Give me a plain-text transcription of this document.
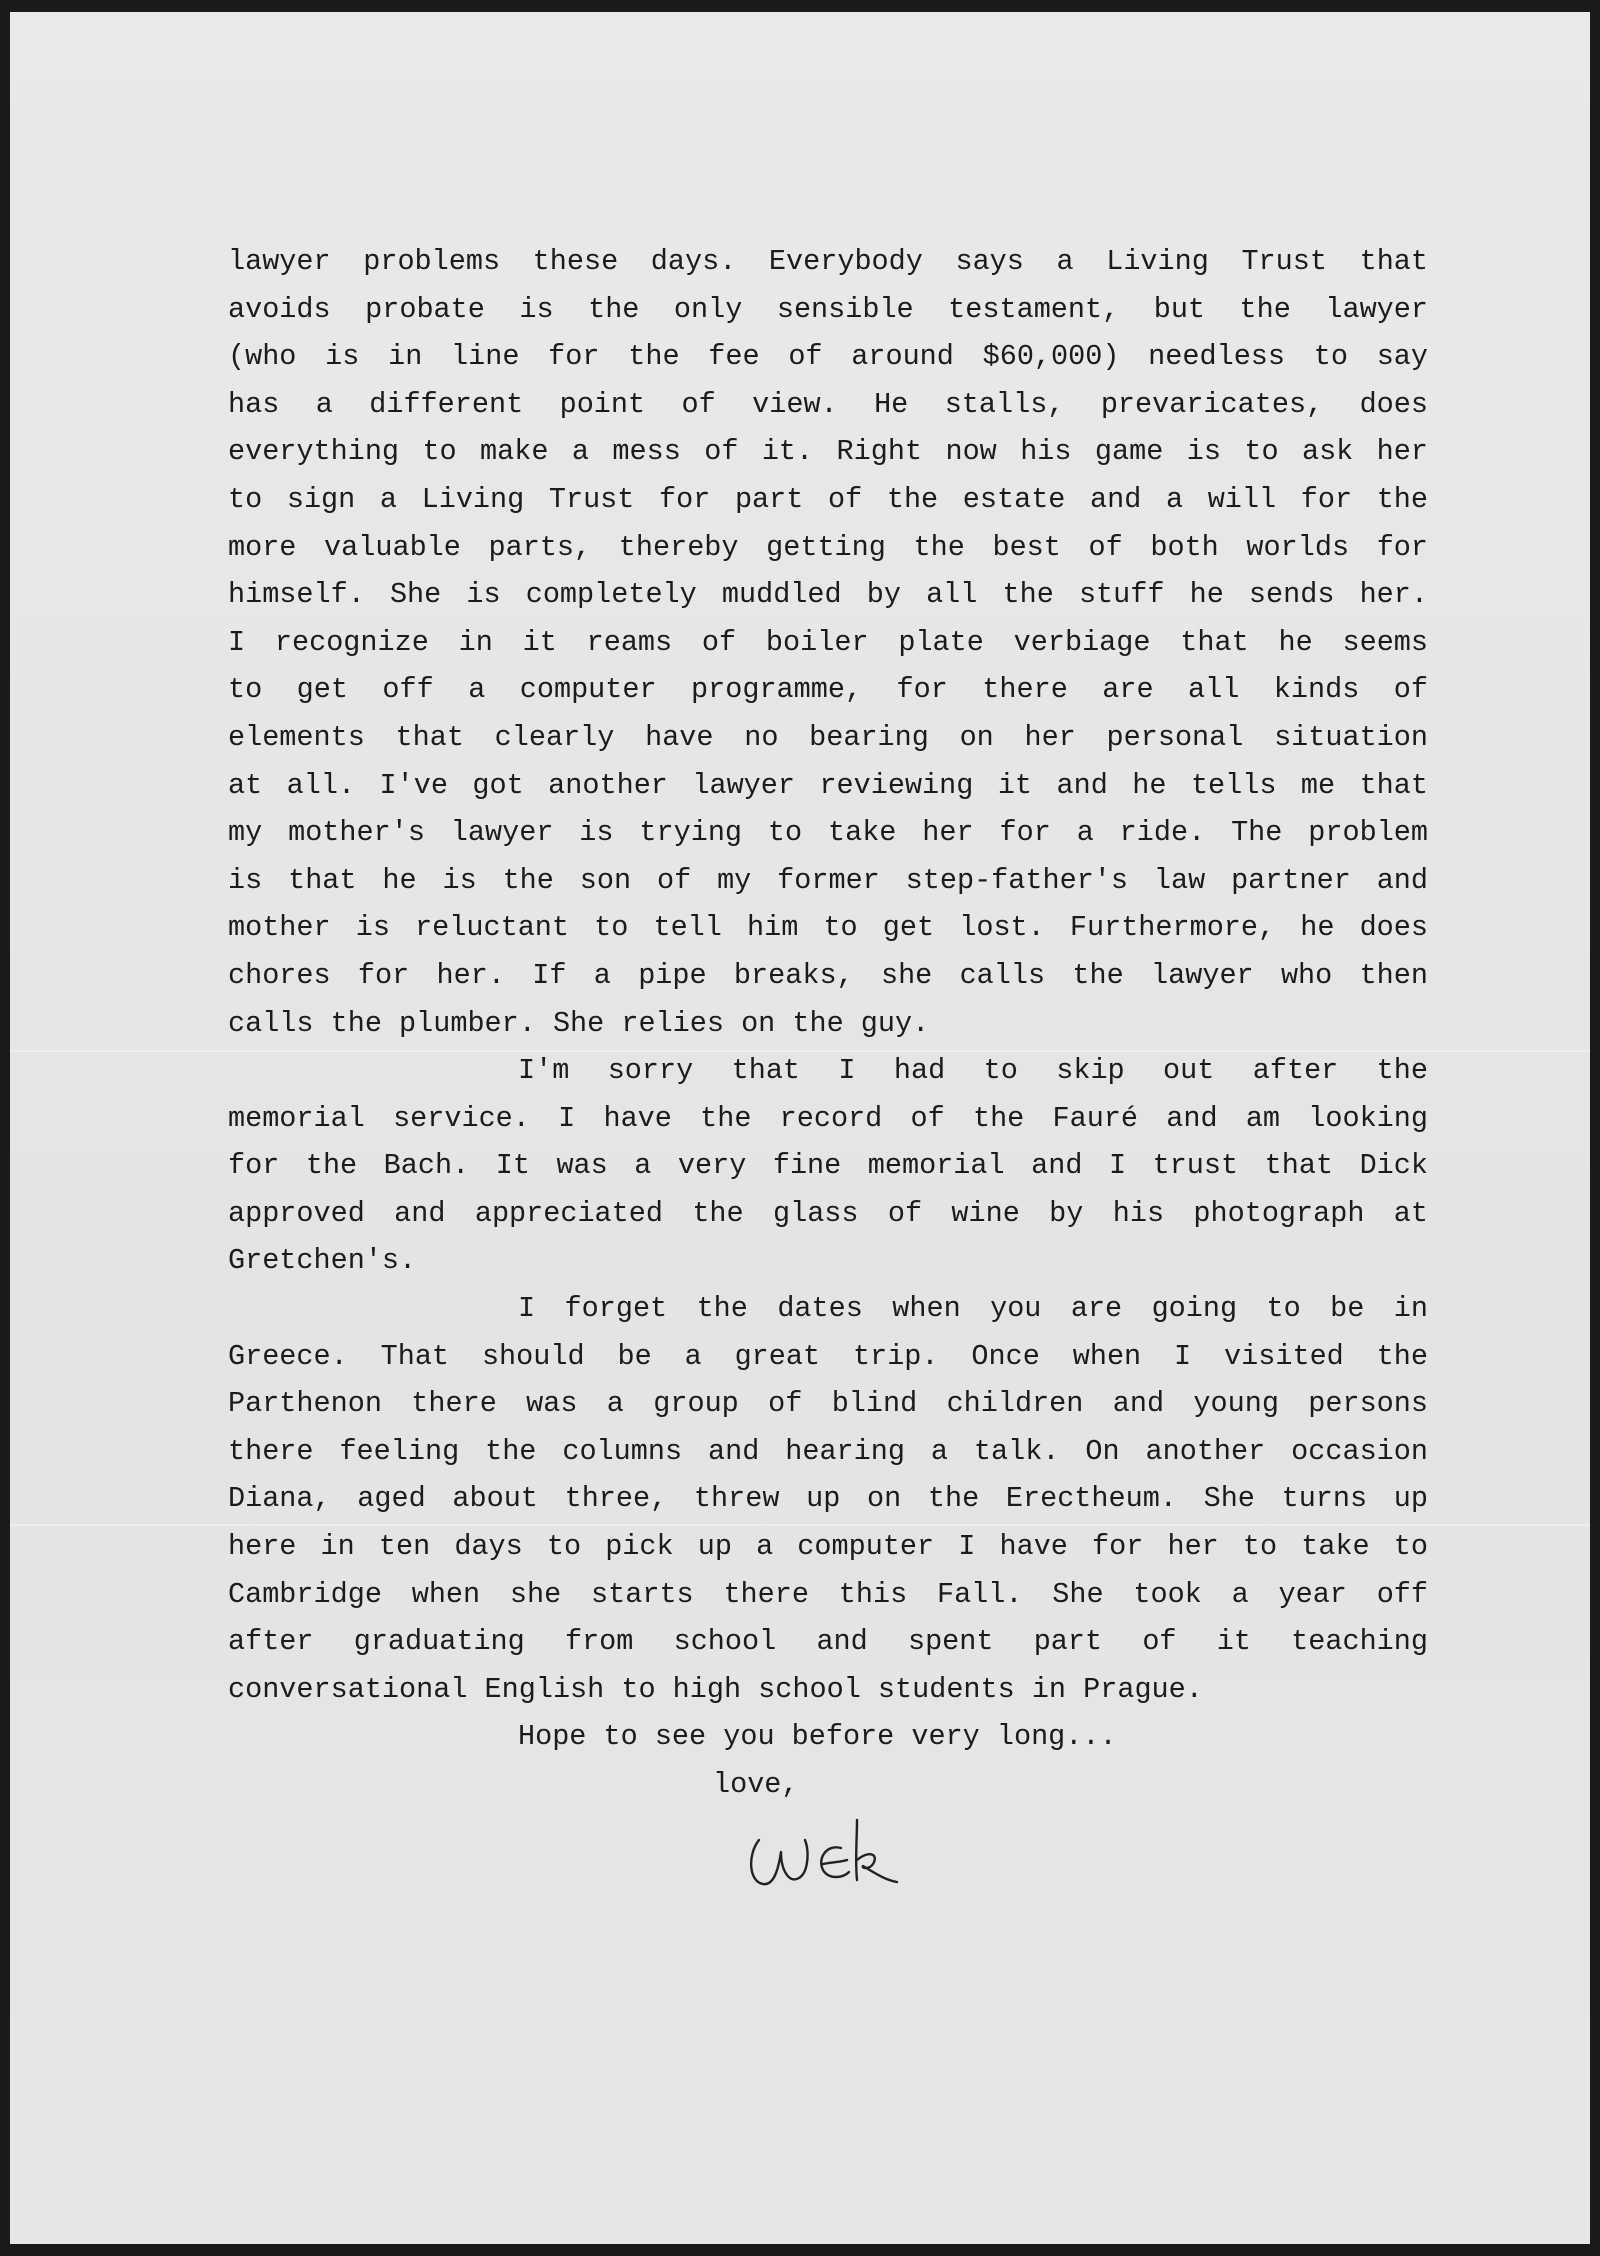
lawyer problems these days. Everybody says a Living Trust that
avoids probate is the only sensible testament, but the lawyer
(who is in line for the fee of around $60,000) needless to say
has a different point of view. He stalls, prevaricates, does
everything to make a mess of it. Right now his game is to ask her
to sign a Living Trust for part of the estate and a will for the
more valuable parts, thereby getting the best of both worlds for
himself. She is completely muddled by all the stuff he sends her.
I recognize in it reams of boiler plate verbiage that he seems
to get off a computer programme, for there are all kinds of
elements that clearly have no bearing on her personal situation
at all. I've got another lawyer reviewing it and he tells me that
my mother's lawyer is trying to take her for a ride. The problem
is that he is the son of my former step-father's law partner and
mother is reluctant to tell him to get lost. Furthermore, he does
chores for her. If a pipe breaks, she calls the lawyer who then
calls the plumber. She relies on the guy.
I'm sorry that I had to skip out after the
memorial service. I have the record of the Fauré and am looking
for the Bach. It was a very fine memorial and I trust that Dick
approved and appreciated the glass of wine by his photograph at
Gretchen's.
I forget the dates when you are going to be in
Greece. That should be a great trip. Once when I visited the
Parthenon there was a group of blind children and young persons
there feeling the columns and hearing a talk. On another occasion
Diana, aged about three, threw up on the Erectheum. She turns up
here in ten days to pick up a computer I have for her to take to
Cambridge when she starts there this Fall. She took a year off
after graduating from school and spent part of it teaching
conversational English to high school students in Prague.
Hope to see you before very long...
love,
